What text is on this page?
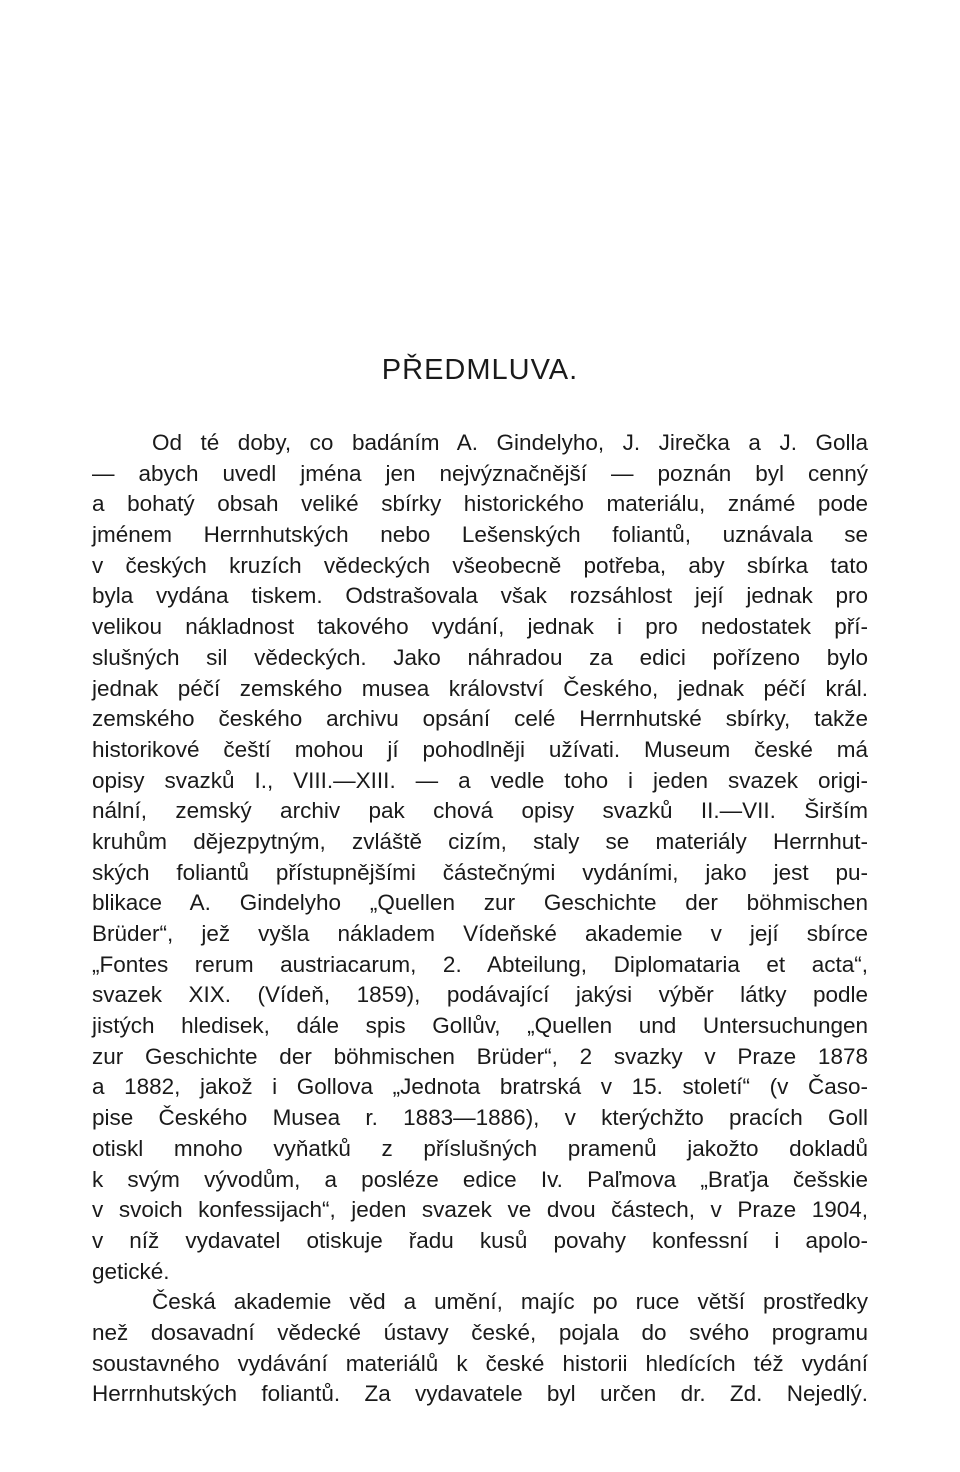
PŘEDMLUVA.
Od té doby, co badáním A. Gindelyho, J. Jirečka a J. Golla
— abych uvedl jména jen nejvýznačnější — poznán byl cenný
a bohatý obsah veliké sbírky historického materiálu, známé pode
jménem Herrnhutských nebo Lešenských foliantů, uznávala se
v českých kruzích vědeckých všeobecně potřeba, aby sbírka tato
byla vydána tiskem. Odstrašovala však rozsáhlost její jednak pro
velikou nákladnost takového vydání, jednak i pro nedostatek pří-
slušných sil vědeckých. Jako náhradou za edici pořízeno bylo
jednak péčí zemského musea království Českého, jednak péčí král.
zemského českého archivu opsání celé Herrnhutské sbírky, takže
historikové čeští mohou jí pohodlněji užívati. Museum české má
opisy svazků I., VIII.—XIII. — a vedle toho i jeden svazek origi-
nální, zemský archiv pak chová opisy svazků II.—VII. Širším
kruhům dějezpytným, zvláště cizím, staly se materiály Herrnhut-
ských foliantů přístupnějšími částečnými vydáními, jako jest pu-
blikace A. Gindelyho „Quellen zur Geschichte der böhmischen
Brüder“, jež vyšla nákladem Vídeňské akademie v její sbírce
„Fontes rerum austriacarum, 2. Abteilung, Diplomataria et acta“,
svazek XIX. (Vídeň, 1859), podávající jakýsi výběr látky podle
jistých hledisek, dále spis Gollův, „Quellen und Untersuchungen
zur Geschichte der böhmischen Brüder“, 2 svazky v Praze 1878
a 1882, jakož i Gollova „Jednota bratrská v 15. století“ (v Časo-
pise Českého Musea r. 1883—1886), v kterýchžto pracích Goll
otiskl mnoho vyňatků z příslušných pramenů jakožto dokladů
k svým vývodům, a posléze edice Iv. Paľmova „Braťja češskie
v svoich konfessijach“, jeden svazek ve dvou částech, v Praze 1904,
v níž vydavatel otiskuje řadu kusů povahy konfessní i apolo-
getické.
Česká akademie věd a umění, majíc po ruce větší prostředky
než dosavadní vědecké ústavy české, pojala do svého programu
soustavného vydávání materiálů k české historii hledících též vydání
Herrnhutských foliantů. Za vydavatele byl určen dr. Zd. Nejedlý.
